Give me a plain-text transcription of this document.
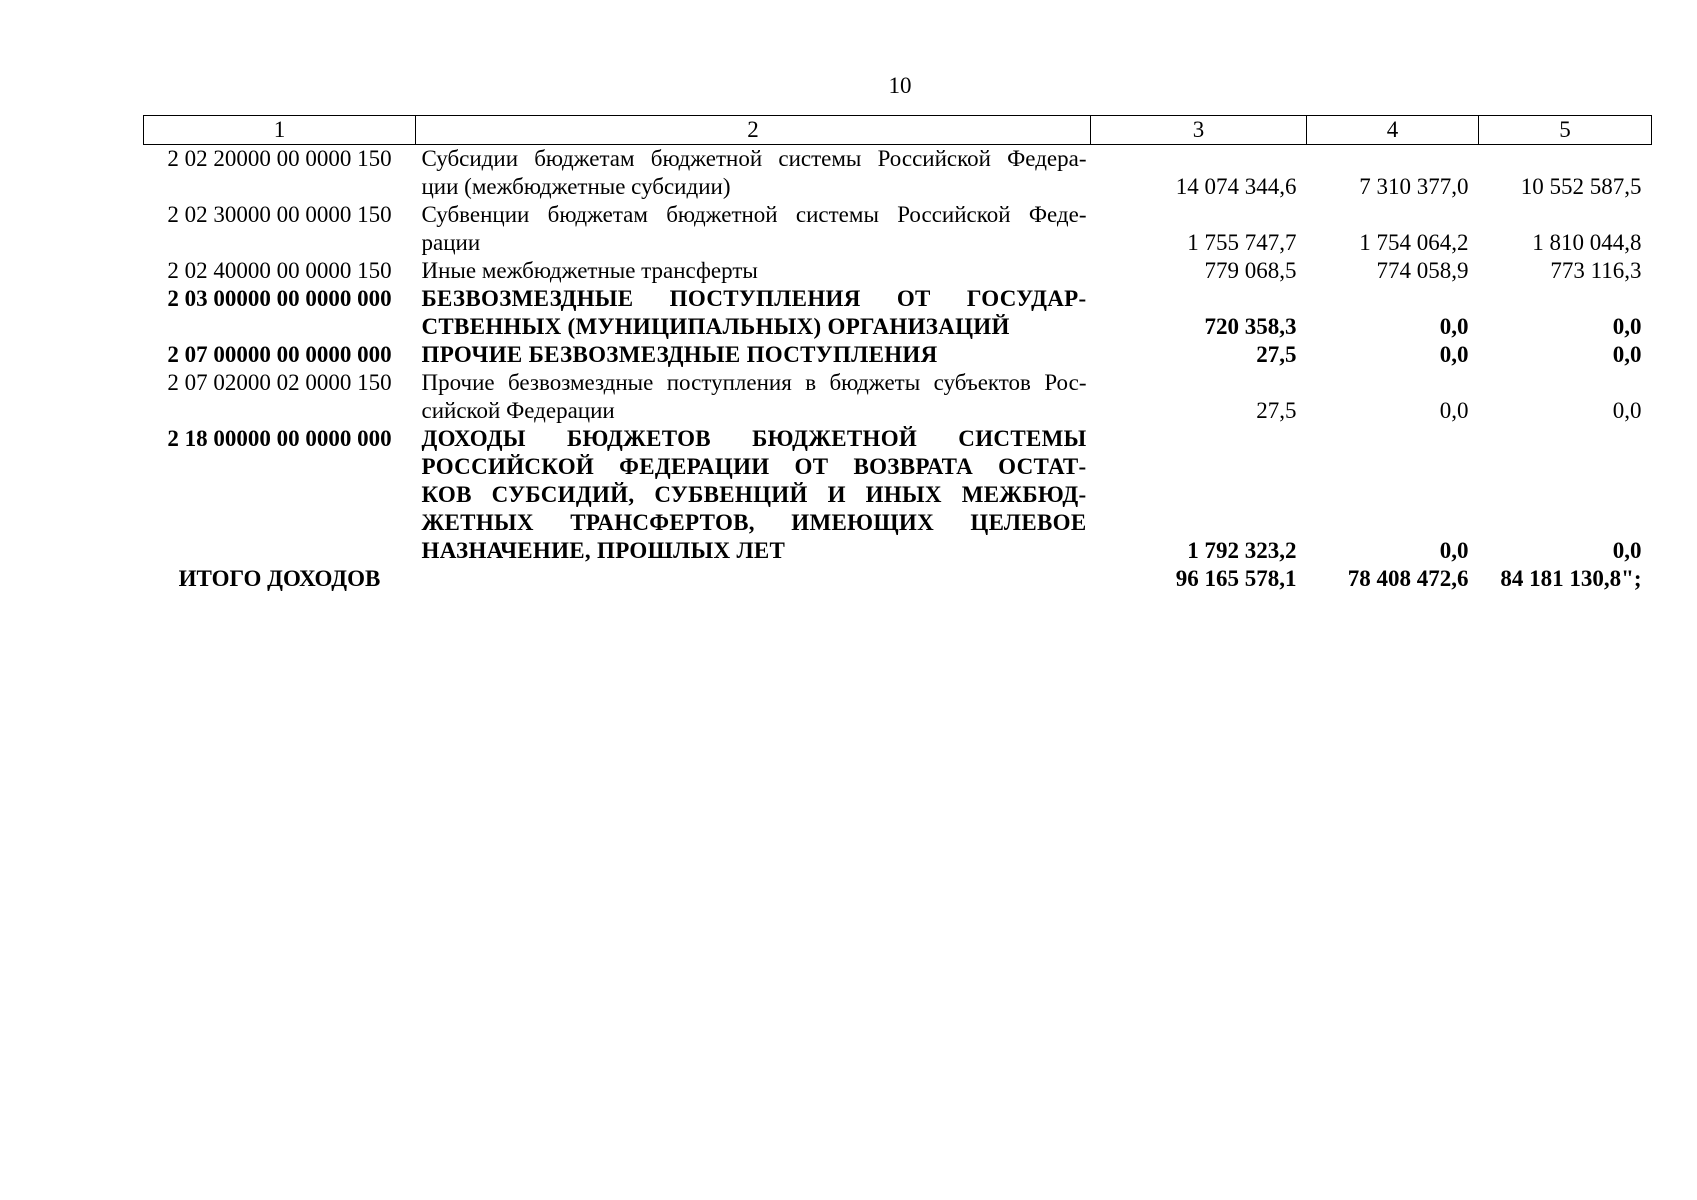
10
1	2	3	4	5
2 02 20000 00 0000 150	Субсидии бюджетам бюджетной системы Российской Федера-
ции (межбюджетные субсидии)	14 074 344,6	7 310 377,0	10 552 587,5
2 02 30000 00 0000 150	Субвенции бюджетам бюджетной системы Российской Феде-
рации	1 755 747,7	1 754 064,2	1 810 044,8
2 02 40000 00 0000 150	Иные межбюджетные трансферты	779 068,5	774 058,9	773 116,3
2 03 00000 00 0000 000	БЕЗВОЗМЕЗДНЫЕ ПОСТУПЛЕНИЯ ОТ ГОСУДАР-
СТВЕННЫХ (МУНИЦИПАЛЬНЫХ) ОРГАНИЗАЦИЙ	720 358,3	0,0	0,0
2 07 00000 00 0000 000	ПРОЧИЕ БЕЗВОЗМЕЗДНЫЕ ПОСТУПЛЕНИЯ	27,5	0,0	0,0
2 07 02000 02 0000 150	Прочие безвозмездные поступления в бюджеты субъектов Рос-
сийской Федерации	27,5	0,0	0,0
2 18 00000 00 0000 000	ДОХОДЫ БЮДЖЕТОВ БЮДЖЕТНОЙ СИСТЕМЫ
РОССИЙСКОЙ ФЕДЕРАЦИИ ОТ ВОЗВРАТА ОСТАТ-
КОВ СУБСИДИЙ, СУБВЕНЦИЙ И ИНЫХ МЕЖБЮД-
ЖЕТНЫХ ТРАНСФЕРТОВ, ИМЕЮЩИХ ЦЕЛЕВОЕ
НАЗНАЧЕНИЕ, ПРОШЛЫХ ЛЕТ	1 792 323,2	0,0	0,0
ИТОГО ДОХОДОВ		96 165 578,1	78 408 472,6	84 181 130,8";
